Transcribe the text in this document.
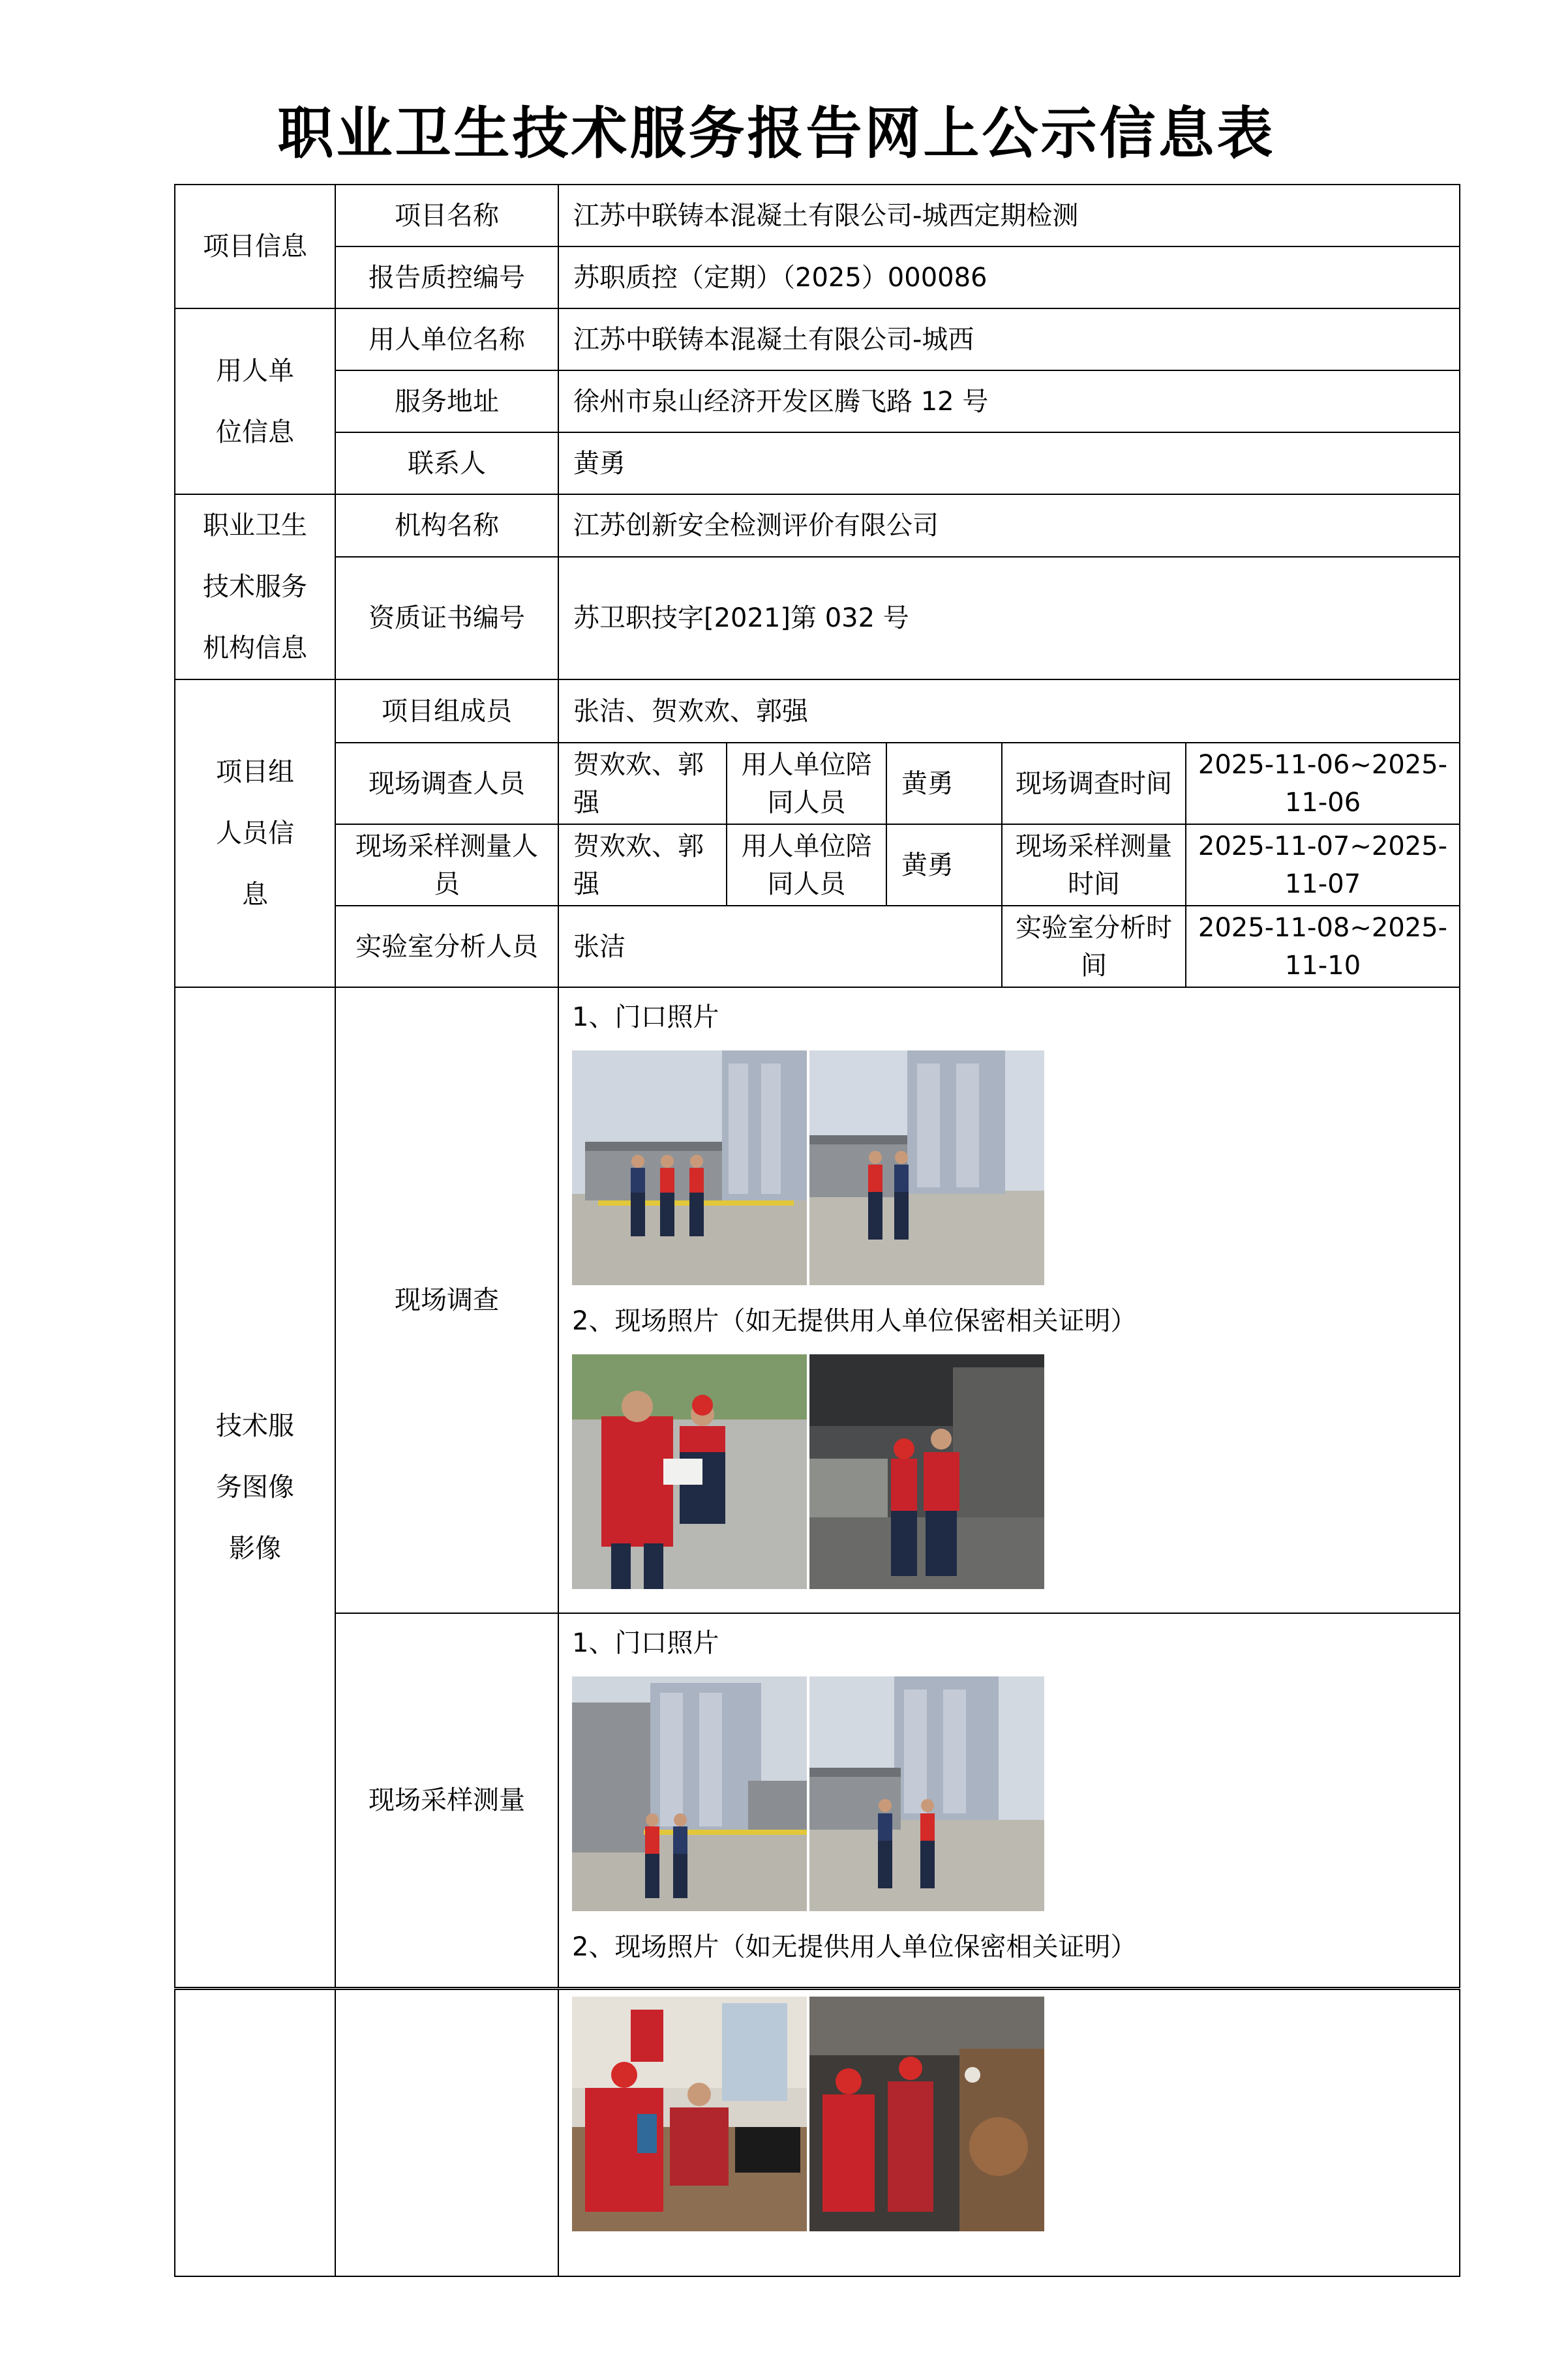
职业卫生技术服务报告网上公示信息表
项目信息	项目名称	江苏中联铸本混凝土有限公司-城西定期检测				
	报告质控编号	苏职质控（定期）（2025）000086				

用人单位信息	用人单位名称	江苏中联铸本混凝土有限公司-城西				
	服务地址	徐州市泉山经济开发区腾飞路 12 号				
	联系人	黄勇				

职业卫生技术服务机构信息	机构名称	江苏创新安全检测评价有限公司				
	资质证书编号	苏卫职技字[2021]第 032 号				

项目组人员信息	项目组成员	张洁、贺欢欢、郭强				
	现场调查人员	贺欢欢、郭强	用人单位陪同人员	黄勇	现场调查时间	2025-11-06~2025-11-06
	现场采样测量人员	贺欢欢、郭强	用人单位陪同人员	黄勇	现场采样测量时间	2025-11-07~2025-11-07
	实验室分析人员	张洁			实验室分析时间	2025-11-08~2025-11-10

技术服务图像影像	现场调查	1、门口照片
2、现场照片（如无提供用人单位保密相关证明）				

	现场采样测量	1、门口照片
2、现场照片（如无提供用人单位保密相关证明）				
